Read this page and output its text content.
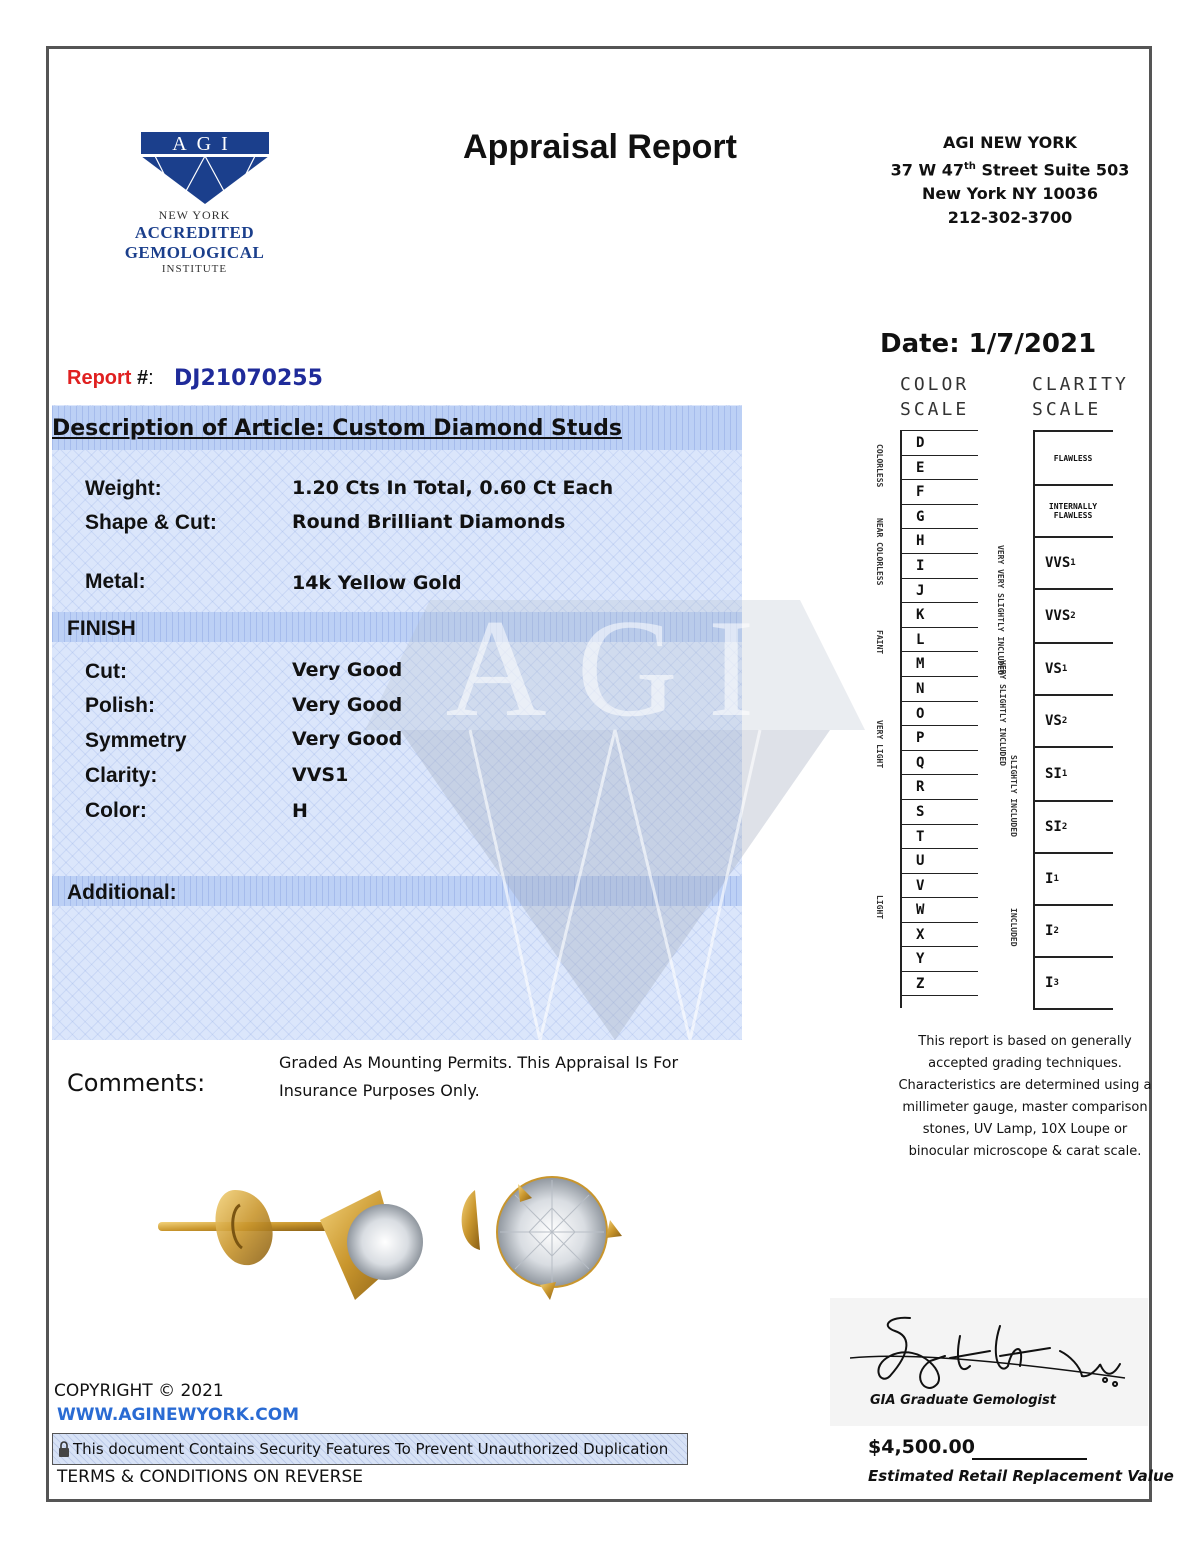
AGI
NEW YORK
ACCREDITED GEMOLOGICAL
INSTITUTE
Appraisal Report	AGI NEW YORK
37 W 47th Street Suite 503
New York NY 10036
212-302-3700
Date: 1/7/2021
Report #: DJ21070255
AGI
Description of Article: Custom Diamond Studs
Weight:	1.20 Cts In Total, 0.60 Ct Each
Shape & Cut:	Round Brilliant Diamonds
Metal:	14k Yellow Gold
FINISH
Cut:	Very Good
Polish:	Very Good
Symmetry	Very Good
Clarity:	VVS1
Color:	H
Additional:
Comments:
Graded As Mounting Permits. This Appraisal Is For Insurance Purposes Only.
COLOR
SCALE
D
E
F
G
H
I
J
K
L
M
N
O
P
Q
R
S
T
U
V
W
X
Y
Z
COLORLESS
NEAR COLORLESS
FAINT
VERY LIGHT
LIGHT
CLARITY
SCALE
FLAWLESS
INTERNALLY FLAWLESS
VVS 1
VVS 2
VS 1
VS 2
SI 1
SI 2
I 1
I 2
I 3
VERY VERY SLIGHTLY INCLUDED
VERY SLIGHTLY INCLUDED
SLIGHTLY INCLUDED
INCLUDED
This report is based on generally accepted grading techniques. Characteristics are determined using a millimeter gauge, master comparison stones, UV Lamp, 10X Loupe or binocular microscope & carat scale.
COPYRIGHT © 2021
WWW.AGINEWYORK.COM
This document Contains Security Features To Prevent Unauthorized Duplication
TERMS & CONDITIONS ON REVERSE
GIA Graduate Gemologist
$4,500.00
Estimated Retail Replacement Value
